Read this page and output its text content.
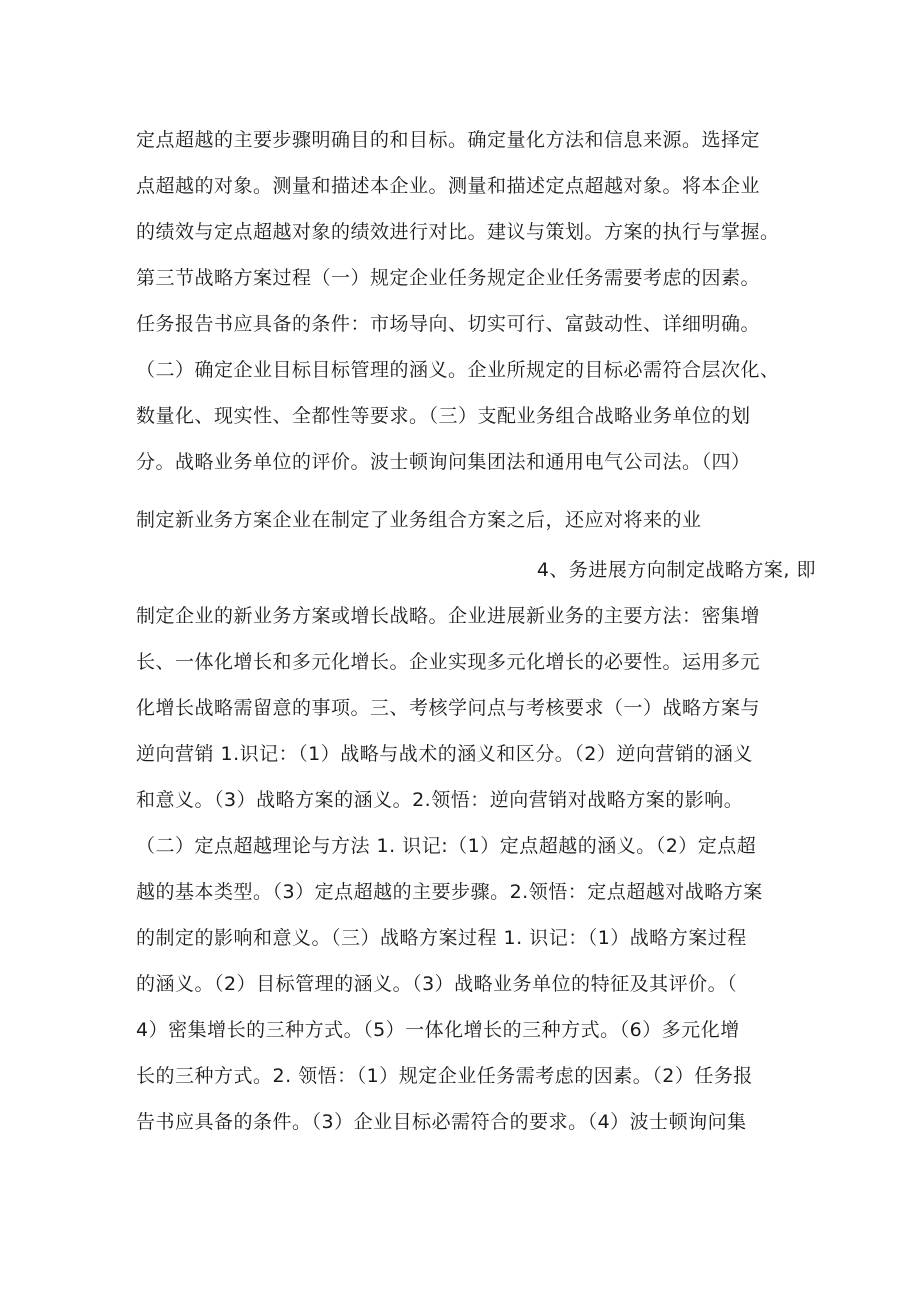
定点超越的主要步骤明确目的和目标。确定量化方法和信息来源。选择定
点超越的对象。测量和描述本企业。测量和描述定点超越对象。将本企业
的绩效与定点超越对象的绩效进行对比。建议与策划。方案的执行与掌握。
第三节战略方案过程（一）规定企业任务规定企业任务需要考虑的因素。
任务报告书应具备的条件：市场导向、切实可行、富鼓动性、详细明确。
（二）确定企业目标目标管理的涵义。企业所规定的目标必需符合层次化、
数量化、现实性、全都性等要求。（三）支配业务组合战略业务单位的划
分。战略业务单位的评价。波士顿询问集团法和通用电气公司法。（四）
制定新业务方案企业在制定了业务组合方案之后，还应对将来的业
4、务进展方向制定战略方案, 即
制定企业的新业务方案或增长战略。企业进展新业务的主要方法：密集增
长、一体化增长和多元化增长。企业实现多元化增长的必要性。运用多元
化增长战略需留意的事项。三、考核学问点与考核要求（一）战略方案与
逆向营销 1.识记：（1）战略与战术的涵义和区分。（2）逆向营销的涵义
和意义。（3）战略方案的涵义。2.领悟：逆向营销对战略方案的影响。
（二）定点超越理论与方法 1. 识记:（1）定点超越的涵义。（2）定点超
越的基本类型。（3）定点超越的主要步骤。2.领悟：定点超越对战略方案
的制定的影响和意义。（三）战略方案过程 1. 识记：（1）战略方案过程
的涵义。（2）目标管理的涵义。（3）战略业务单位的特征及其评价。（
4）密集增长的三种方式。（5）一体化增长的三种方式。（6）多元化增
长的三种方式。2. 领悟：（1）规定企业任务需考虑的因素。（2）任务报
告书应具备的条件。（3）企业目标必需符合的要求。（4）波士顿询问集
